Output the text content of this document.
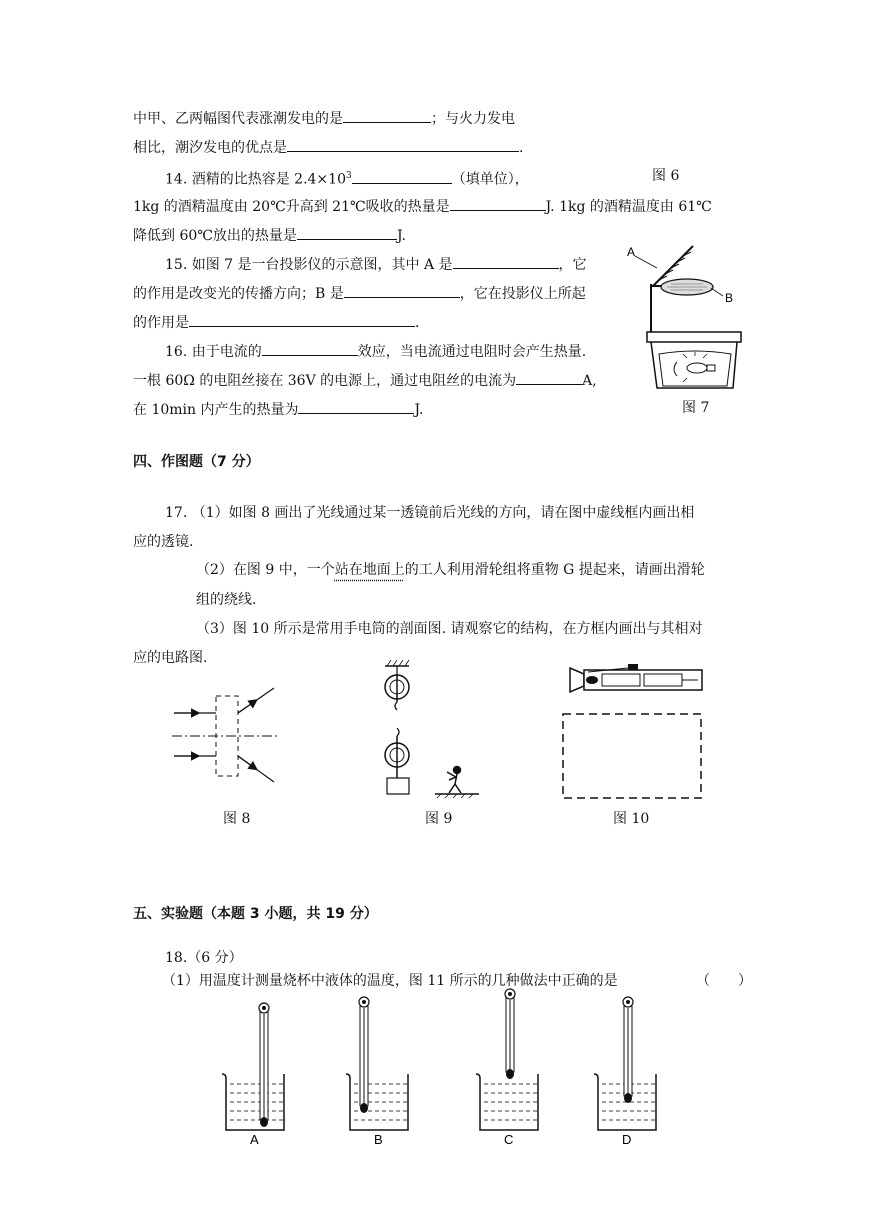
中甲、乙两幅图代表涨潮发电的是	；与火力发电
相比，潮汐发电的优点是	.
14. 酒精的比热容是 $2.4\times 10^3$	（填单位），	图 6
1kg 的酒精温度由 20℃升高到 21℃吸收的热量是	J. 1kg 的酒精温度由 61℃
降低到 60℃放出的热量是	J.
15. 如图 7 是一台投影仪的示意图，其中 A 是	，它
的作用是改变光的传播方向；B 是	，它在投影仪上所起
的作用是	.
16. 由于电流的	效应，当电流通过电阻时会产生热量.
一根 60Ω 的电阻丝接在 36V 的电源上，通过电阻丝的电流为	A,
在 10min 内产生的热量为	J.
A
B
图 7
四、作图题（7 分）
17. （1）如图 8 画出了光线通过某一透镜前后光线的方向，请在图中虚线框内画出相
应的透镜.
（2）在图 9 中，一个站在地面上的工人利用滑轮组将重物 G 提起来，请画出滑轮
组的绕线.
（3）图 10 所示是常用手电筒的剖面图. 请观察它的结构，在方框内画出与其相对
应的电路图.
图 8	图 9	图 10
五、实验题（本题 3 小题，共 19 分）
18.（6 分）
（1）用温度计测量烧杯中液体的温度，图 11 所示的几种做法中正确的是	（　　）
A	B	C	D
